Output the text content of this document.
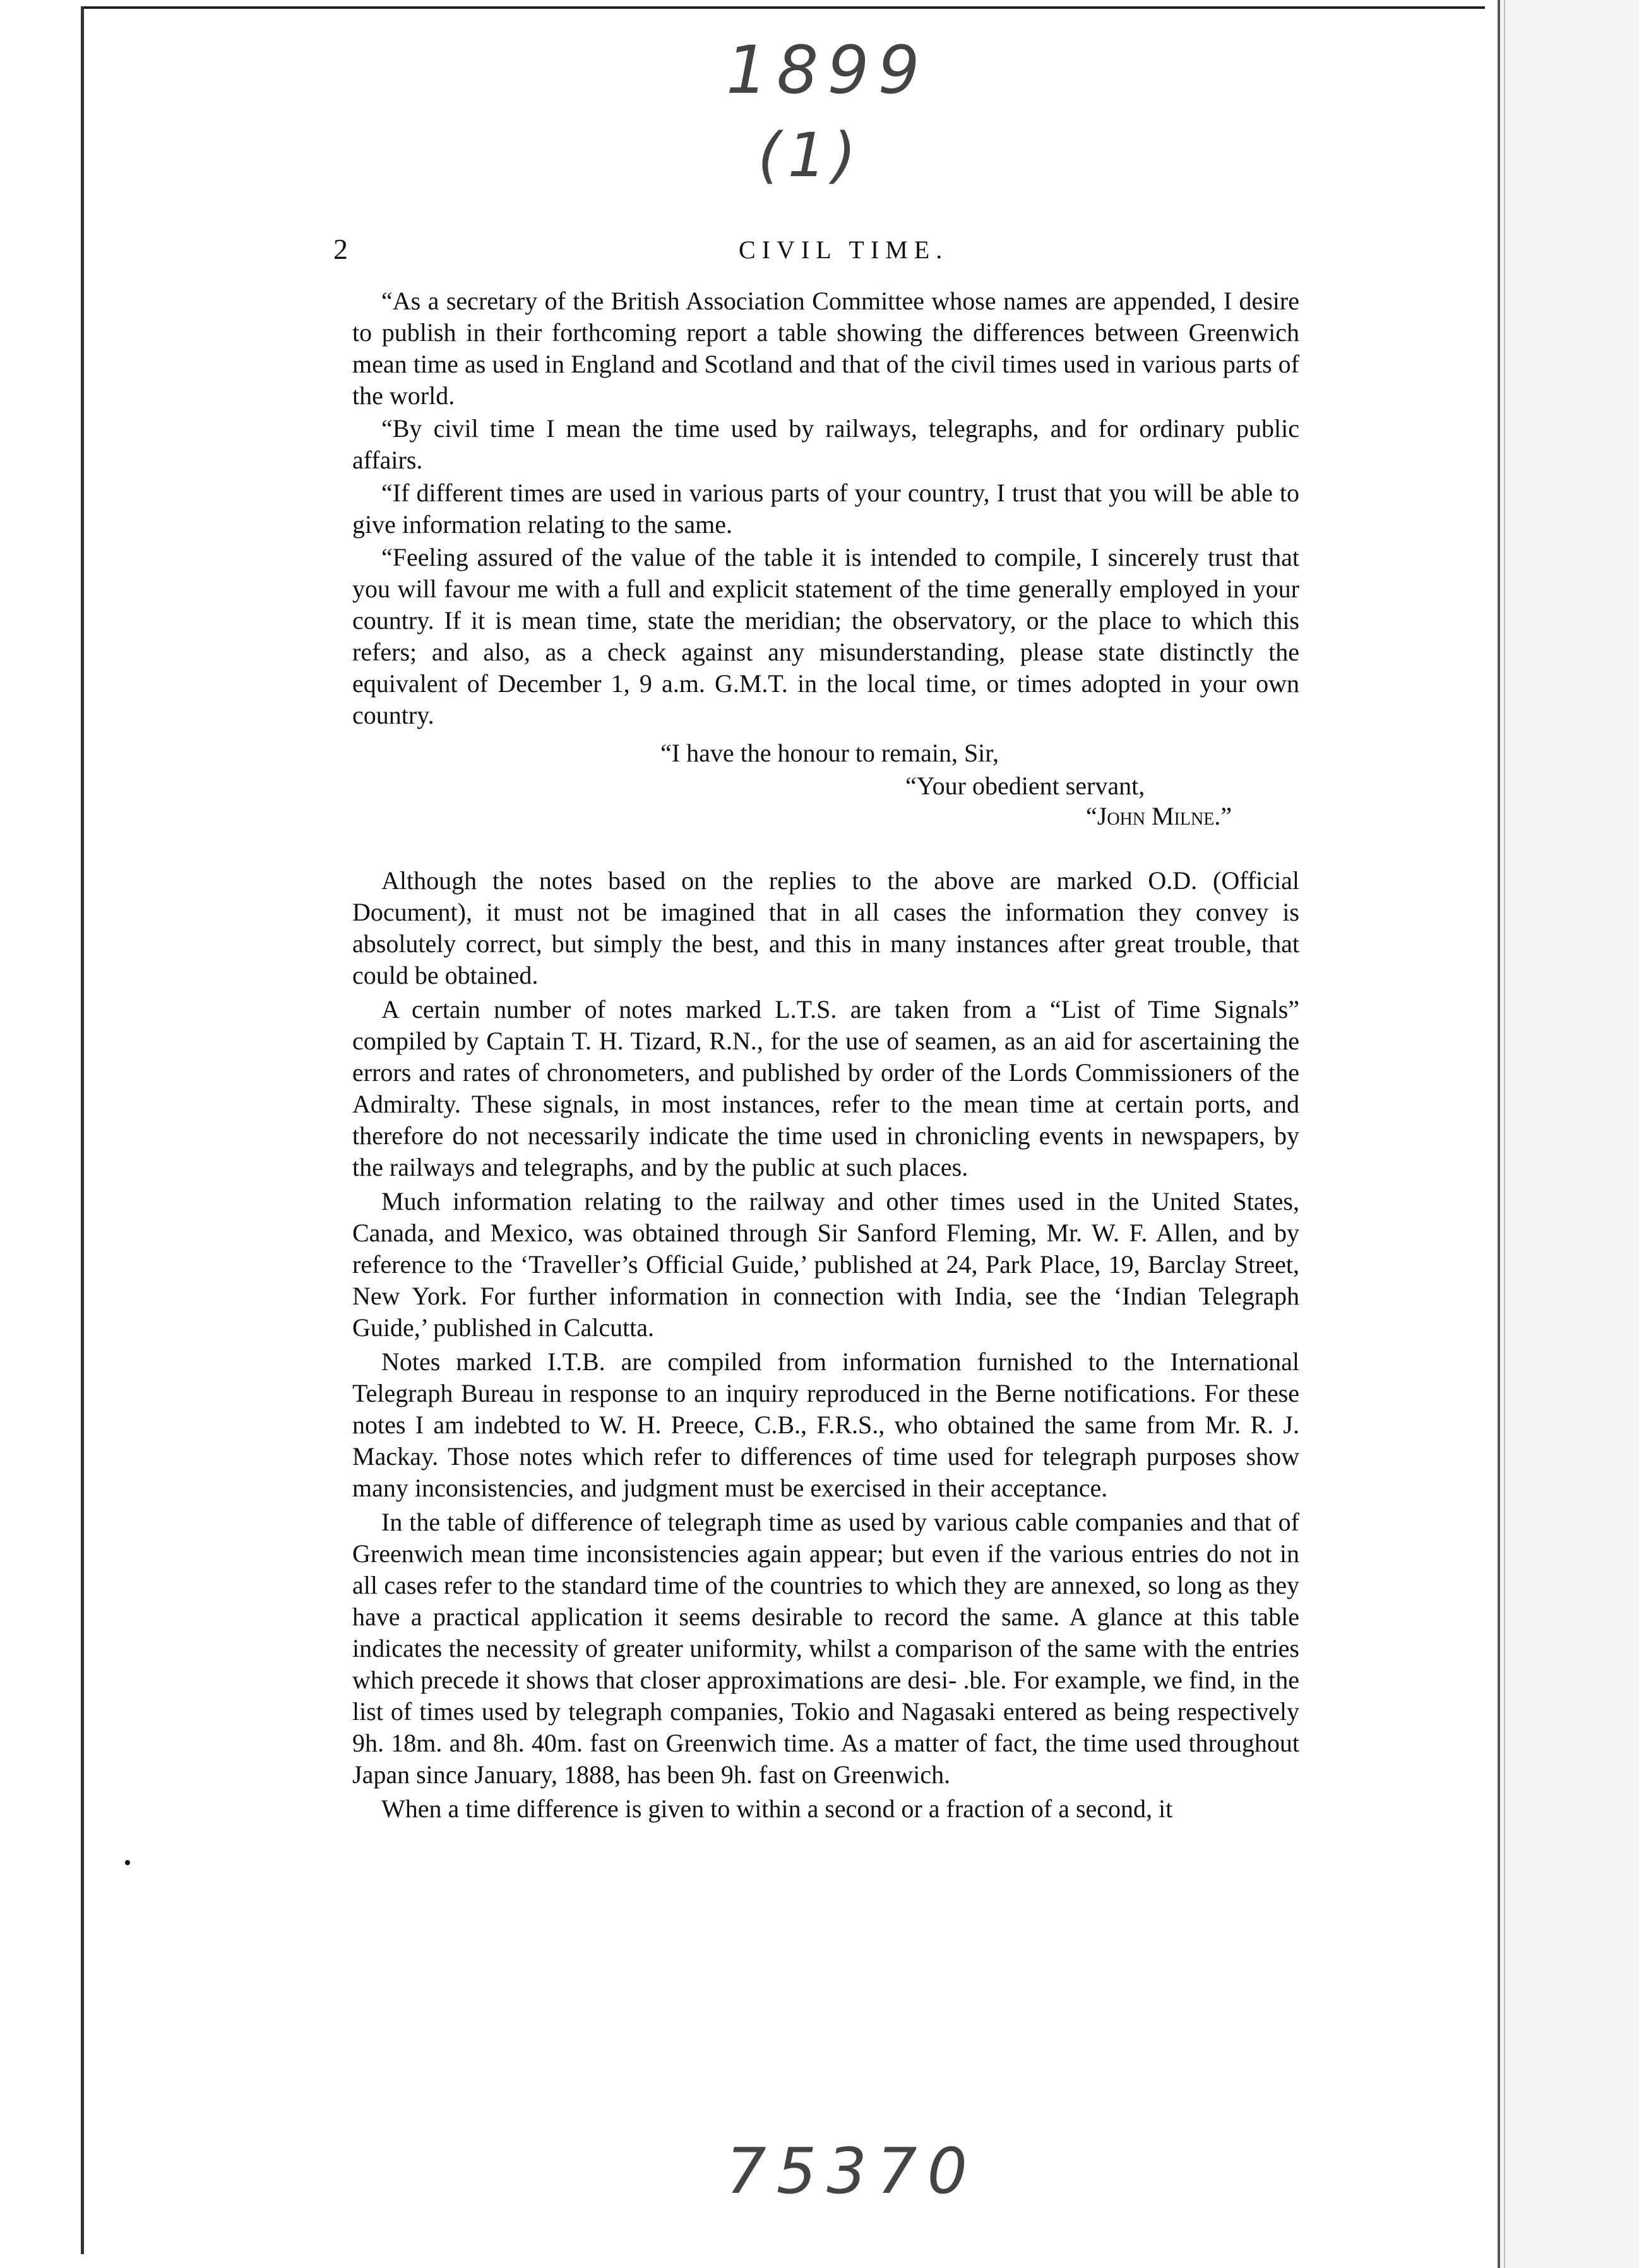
1899
(1)
2	CIVIL TIME.

“As a secretary of the British Association Committee whose names are appended, I desire to publish in their forthcoming report a table showing the differences between Greenwich mean time as used in England and Scotland and that of the civil times used in various parts of the world.

“By civil time I mean the time used by railways, telegraphs, and for ordinary public affairs.

“If different times are used in various parts of your country, I trust that you will be able to give information relating to the same.

“Feeling assured of the value of the table it is intended to compile, I sincerely trust that you will favour me with a full and explicit statement of the time generally employed in your country. If it is mean time, state the meridian; the observatory, or the place to which this refers; and also, as a check against any misunderstanding, please state distinctly the equivalent of December 1, 9 a.m. G.M.T. in the local time, or times adopted in your own country.

“I have the honour to remain, Sir,
“Your obedient servant,
“John Milne.”

Although the notes based on the replies to the above are marked O.D. (Official Document), it must not be imagined that in all cases the information they convey is absolutely correct, but simply the best, and this in many instances after great trouble, that could be obtained.

A certain number of notes marked L.T.S. are taken from a “List of Time Signals” compiled by Captain T. H. Tizard, R.N., for the use of seamen, as an aid for ascertaining the errors and rates of chronometers, and published by order of the Lords Commissioners of the Admiralty. These signals, in most instances, refer to the mean time at certain ports, and therefore do not necessarily indicate the time used in chronicling events in newspapers, by the railways and telegraphs, and by the public at such places.

Much information relating to the railway and other times used in the United States, Canada, and Mexico, was obtained through Sir Sanford Fleming, Mr. W. F. Allen, and by reference to the ‘Traveller’s Official Guide,’ published at 24, Park Place, 19, Barclay Street, New York. For further information in connection with India, see the ‘Indian Telegraph Guide,’ published in Calcutta.

Notes marked I.T.B. are compiled from information furnished to the International Telegraph Bureau in response to an inquiry reproduced in the Berne notifications. For these notes I am indebted to W. H. Preece, C.B., F.R.S., who obtained the same from Mr. R. J. Mackay. Those notes which refer to differences of time used for telegraph purposes show many inconsistencies, and judgment must be exercised in their acceptance.

In the table of difference of telegraph time as used by various cable companies and that of Greenwich mean time inconsistencies again appear; but even if the various entries do not in all cases refer to the standard time of the countries to which they are annexed, so long as they have a practical application it seems desirable to record the same. A glance at this table indicates the necessity of greater uniformity, whilst a comparison of the same with the entries which precede it shows that closer approximations are desi- .ble. For example, we find, in the list of times used by telegraph companies, Tokio and Nagasaki entered as being respectively 9h. 18m. and 8h. 40m. fast on Greenwich time. As a matter of fact, the time used throughout Japan since January, 1888, has been 9h. fast on Greenwich.

When a time difference is given to within a second or a fraction of a second, it

•
75370
